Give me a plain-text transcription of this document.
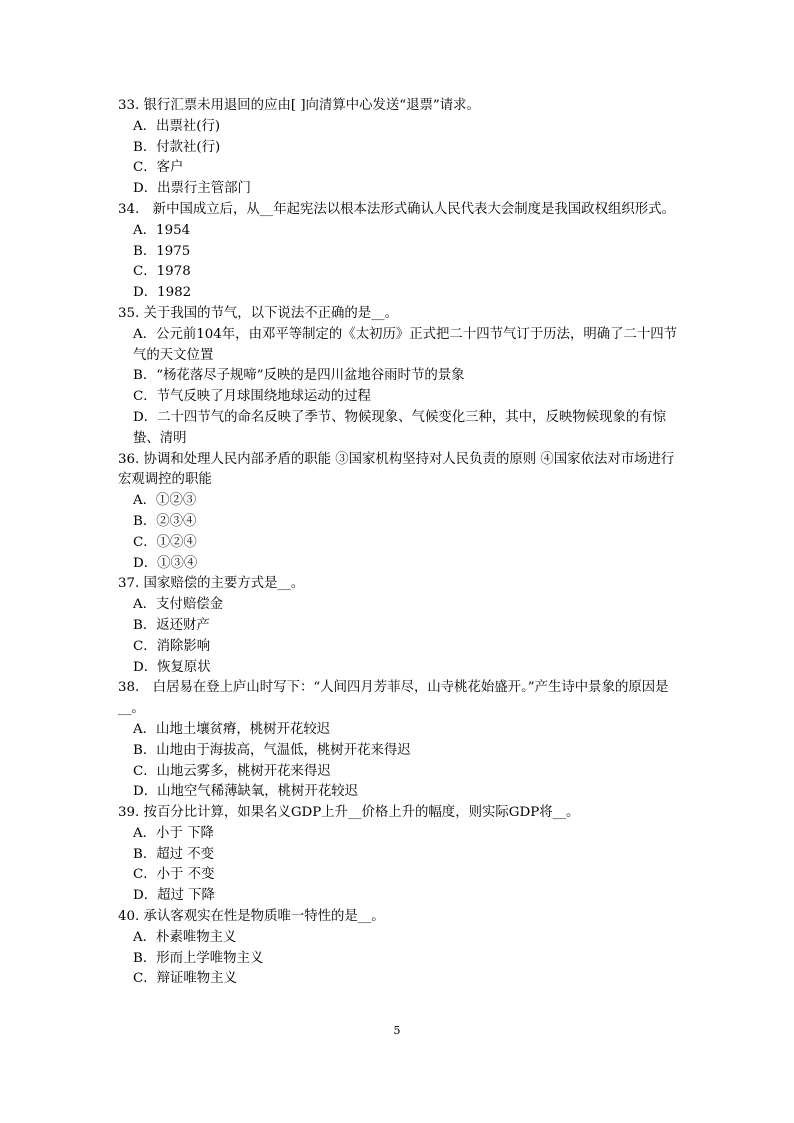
33. 银行汇票未用退回的应由[ ]向清算中心发送“退票”请求。

A．出票社(行)

B．付款社(行)

C．客户

D．出票行主管部门

34.　新中国成立后，从__年起宪法以根本法形式确认人民代表大会制度是我国政权组织形式。

A．1954

B．1975

C．1978

D．1982

35. 关于我国的节气，以下说法不正确的是__。

A．公元前104年，由邓平等制定的《太初历》正式把二十四节气订于历法，明确了二十四节气的天文位置

B．“杨花落尽子规啼”反映的是四川盆地谷雨时节的景象

C．节气反映了月球围绕地球运动的过程

D．二十四节气的命名反映了季节、物候现象、气候变化三种，其中，反映物候现象的有惊蛰、清明

36. 协调和处理人民内部矛盾的职能 ③国家机构坚持对人民负责的原则 ④国家依法对市场进行宏观调控的职能

A．①②③

B．②③④

C．①②④

D．①③④

37. 国家赔偿的主要方式是__。

A．支付赔偿金

B．返还财产

C．消除影响

D．恢复原状

38.　白居易在登上庐山时写下：“人间四月芳菲尽，山寺桃花始盛开。”产生诗中景象的原因是__。

A．山地土壤贫瘠，桃树开花较迟

B．山地由于海拔高，气温低，桃树开花来得迟

C．山地云雾多，桃树开花来得迟

D．山地空气稀薄缺氧，桃树开花较迟

39. 按百分比计算，如果名义GDP上升__价格上升的幅度，则实际GDP将__。

A．小于 下降

B．超过 不变

C．小于 不变

D．超过 下降

40. 承认客观实在性是物质唯一特性的是__。

A．朴素唯物主义

B．形而上学唯物主义

C．辩证唯物主义

5
